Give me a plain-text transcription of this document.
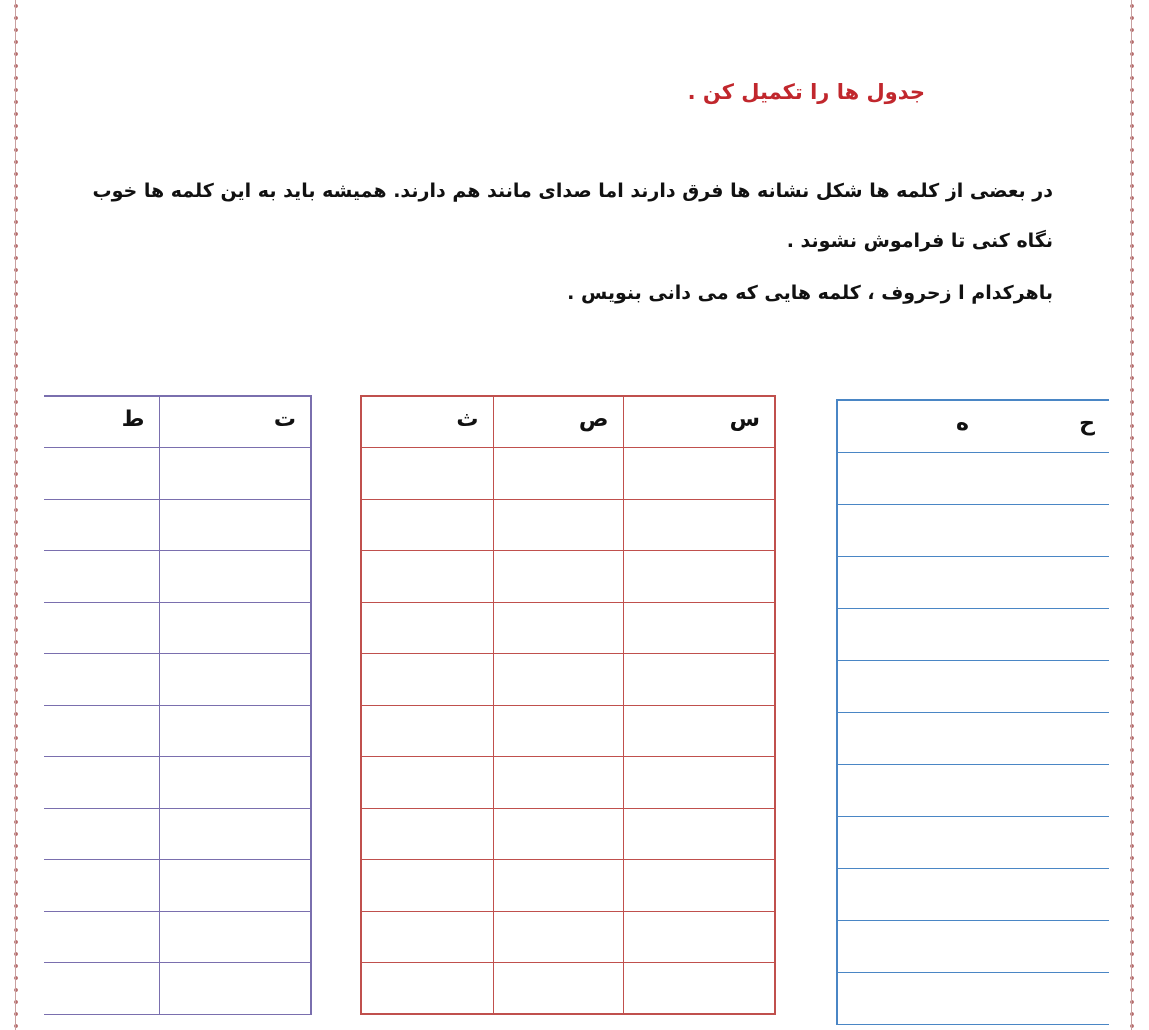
جدول ها را تکمیل کن .
در بعضی از کلمه ها شکل نشانه ها فرق دارند اما صدای مانند هم دارند. همیشه باید به این کلمه ها خوب
نگاه کنی تا فراموش نشوند .
باهرکدام ا زحروف ، کلمه هایی که می دانی بنویس .
ح	ه

س	ص	ث

ت	ط
